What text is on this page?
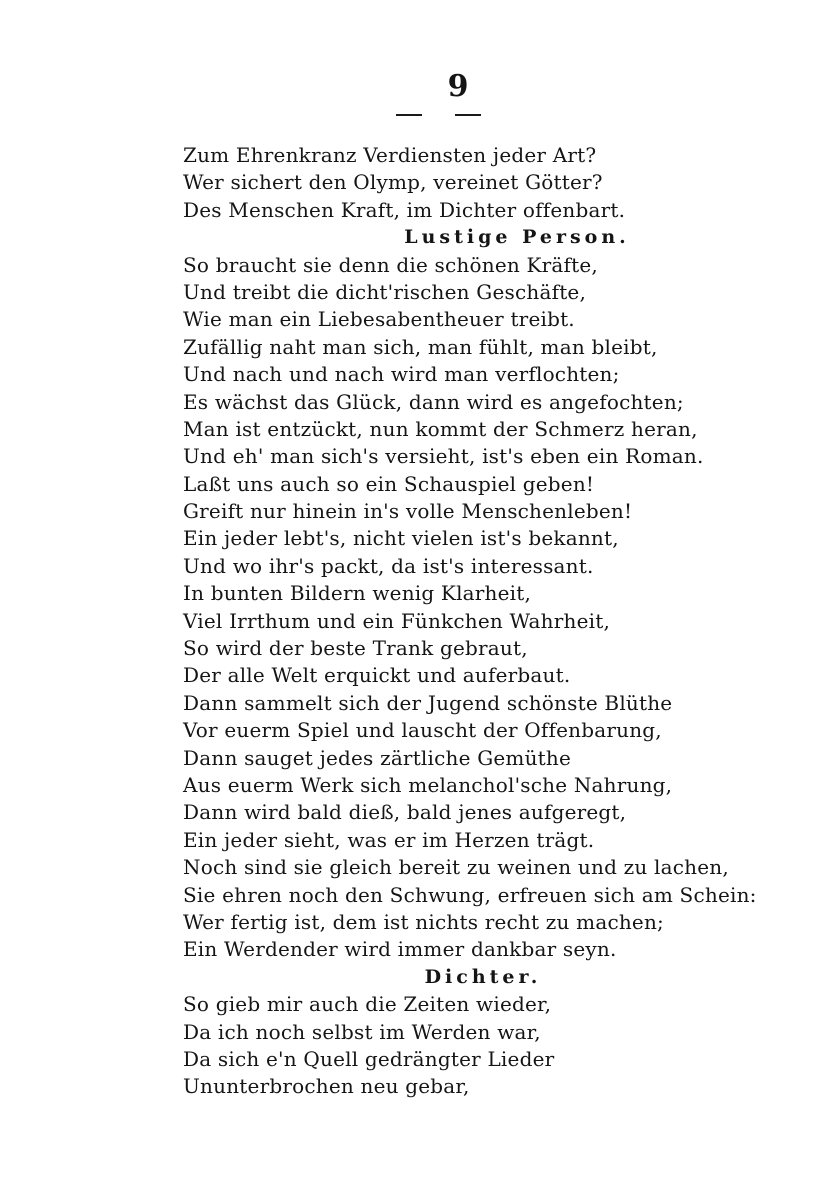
9
Zum Ehrenkranz Verdiensten jeder Art?
Wer sichert den Olymp, vereinet Götter?
Des Menschen Kraft, im Dichter offenbart.
Lustige Person.
So braucht sie denn die schönen Kräfte,
Und treibt die dicht'rischen Geschäfte,
Wie man ein Liebesabentheuer treibt.
Zufällig naht man sich, man fühlt, man bleibt,
Und nach und nach wird man verflochten;
Es wächst das Glück, dann wird es angefochten;
Man ist entzückt, nun kommt der Schmerz heran,
Und eh' man sich's versieht, ist's eben ein Roman.
Laßt uns auch so ein Schauspiel geben!
Greift nur hinein in's volle Menschenleben!
Ein jeder lebt's, nicht vielen ist's bekannt,
Und wo ihr's packt, da ist's interessant.
In bunten Bildern wenig Klarheit,
Viel Irrthum und ein Fünkchen Wahrheit,
So wird der beste Trank gebraut,
Der alle Welt erquickt und auferbaut.
Dann sammelt sich der Jugend schönste Blüthe
Vor euerm Spiel und lauscht der Offenbarung,
Dann sauget jedes zärtliche Gemüthe
Aus euerm Werk sich melanchol'sche Nahrung,
Dann wird bald dieß, bald jenes aufgeregt,
Ein jeder sieht, was er im Herzen trägt.
Noch sind sie gleich bereit zu weinen und zu lachen,
Sie ehren noch den Schwung, erfreuen sich am Schein:
Wer fertig ist, dem ist nichts recht zu machen;
Ein Werdender wird immer dankbar seyn.
Dichter.
So gieb mir auch die Zeiten wieder,
Da ich noch selbst im Werden war,
Da sich e'n Quell gedrängter Lieder
Ununterbrochen neu gebar,
